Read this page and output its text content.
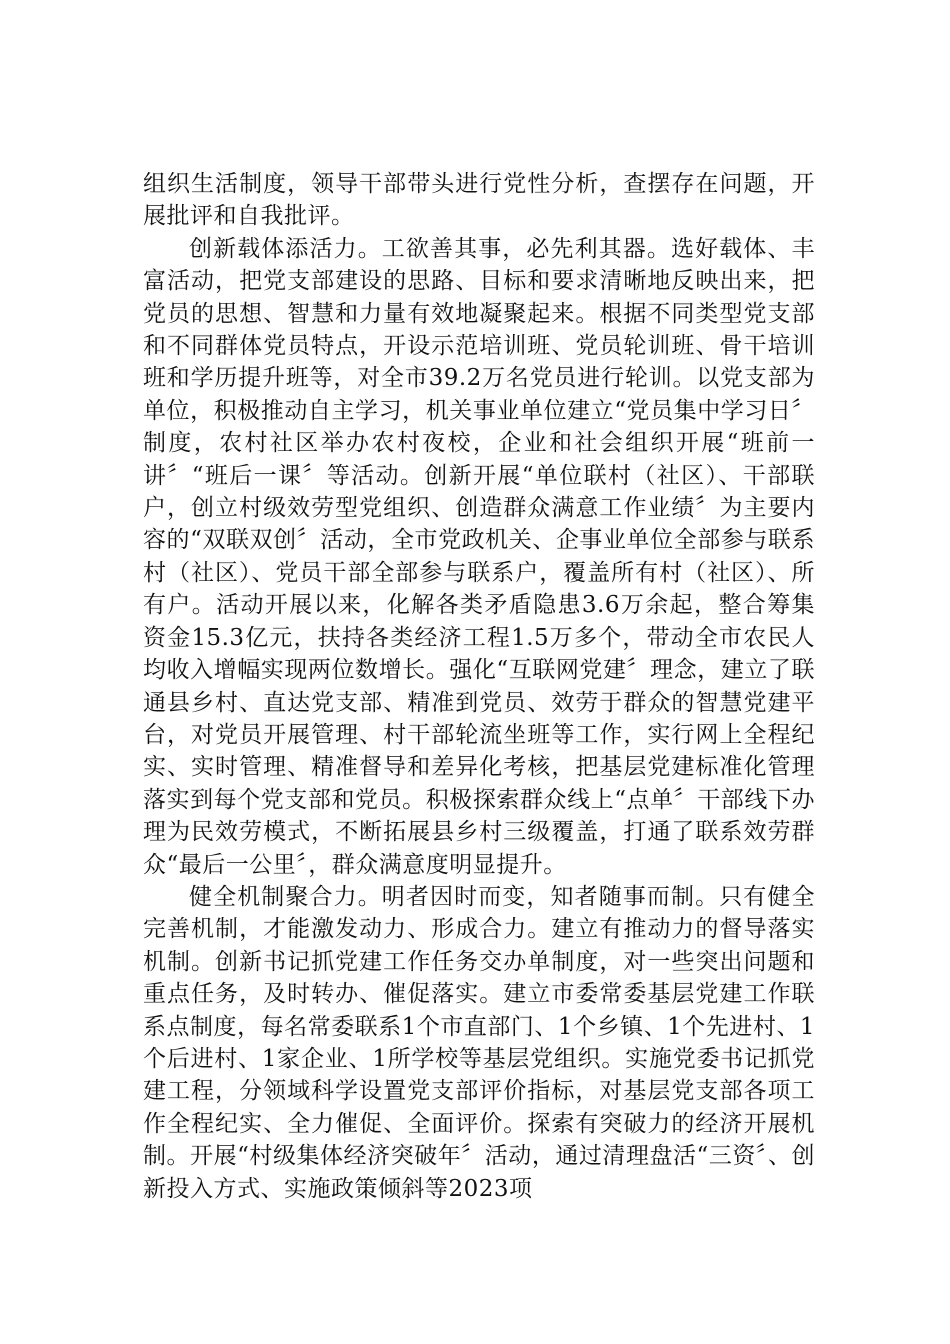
组织生活制度，领导干部带头进行党性分析，查摆存在问题，开展批评和自我批评。

创新载体添活力。工欲善其事，必先利其器。选好载体、丰富活动，把党支部建设的思路、目标和要求清晰地反映出来，把党员的思想、智慧和力量有效地凝聚起来。根据不同类型党支部和不同群体党员特点，开设示范培训班、党员轮训班、骨干培训班和学历提升班等，对全市39.2万名党员进行轮训。以党支部为单位，积极推动自主学习，机关事业单位建立“党员集中学习日〞制度，农村社区举办农村夜校，企业和社会组织开展“班前一讲〞“班后一课〞等活动。创新开展“单位联村（社区）、干部联户，创立村级效劳型党组织、创造群众满意工作业绩〞为主要内容的“双联双创〞活动，全市党政机关、企事业单位全部参与联系村（社区）、党员干部全部参与联系户，覆盖所有村（社区）、所有户。活动开展以来，化解各类矛盾隐患3.6万余起，整合筹集资金15.3亿元，扶持各类经济工程1.5万多个，带动全市农民人均收入增幅实现两位数增长。强化“互联网党建〞理念，建立了联通县乡村、直达党支部、精准到党员、效劳于群众的智慧党建平台，对党员开展管理、村干部轮流坐班等工作，实行网上全程纪实、实时管理、精准督导和差异化考核，把基层党建标准化管理落实到每个党支部和党员。积极探索群众线上“点单〞干部线下办理为民效劳模式，不断拓展县乡村三级覆盖，打通了联系效劳群众“最后一公里〞，群众满意度明显提升。

健全机制聚合力。明者因时而变，知者随事而制。只有健全完善机制，才能激发动力、形成合力。建立有推动力的督导落实机制。创新书记抓党建工作任务交办单制度，对一些突出问题和重点任务，及时转办、催促落实。建立市委常委基层党建工作联系点制度，每名常委联系1个市直部门、1个乡镇、1个先进村、1个后进村、1家企业、1所学校等基层党组织。实施党委书记抓党建工程，分领域科学设置党支部评价指标，对基层党支部各项工作全程纪实、全力催促、全面评价。探索有突破力的经济开展机制。开展“村级集体经济突破年〞活动，通过清理盘活“三资〞、创新投入方式、实施政策倾斜等2023项
